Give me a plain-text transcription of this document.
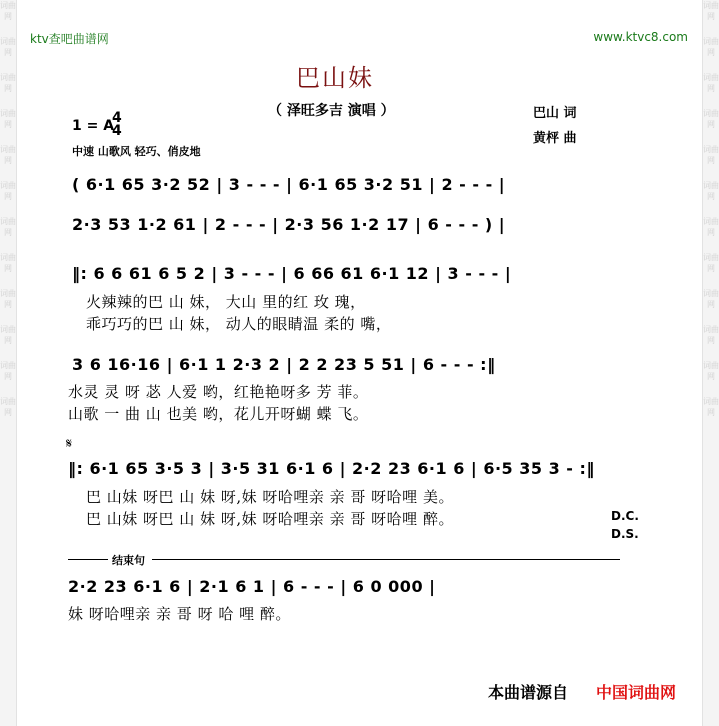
词曲网
词曲网
词曲网
词曲网
词曲网
词曲网
词曲网
词曲网
词曲网
词曲网
词曲网
词曲网
词曲网
词曲网
词曲网
词曲网
词曲网
词曲网
词曲网
词曲网
词曲网
词曲网
词曲网
词曲网
ktv查吧曲谱网	www.ktvc8.com
巴山妹
（ 泽旺多吉 演唱 ）	巴山 词
黄枰 曲
1 = A
4
4
中速 山歌风 轻巧、俏皮地
( 6·1 65 3·2 52 | 3 - - - | 6·1 65 3·2 51 | 2 - - - |
2·3 53 1·2 61 | 2 - - - | 2·3 56 1·2 17 | 6 - - - ) |
‖: 6 6 61 6 5 2 | 3 - - - | 6 66 61 6·1 12 | 3 - - - |
火辣辣的巴 山 妹， 大山 里的红 玫 瑰，
乖巧巧的巴 山 妹， 动人的眼睛温 柔的 嘴，
3 6 16·16 | 6·1 1 2·3 2 | 2 2 23 5 51 | 6 - - - :‖
水灵 灵 呀 苾 人爱 哟，红艳艳呀多 芳 菲。
山歌 一 曲 山 也美 哟，花儿开呀蝴 蝶 飞。
𝄋
‖: 6·1 65 3·5 3 | 3·5 31 6·1 6 | 2·2 23 6·1 6 | 6·5 35 3 - :‖
巴 山妹 呀巴 山 妹 呀,妹 呀哈哩亲 亲 哥 呀哈哩 美。
巴 山妹 呀巴 山 妹 呀,妹 呀哈哩亲 亲 哥 呀哈哩 醉。	D.C.
D.S.
结束句
2·2 23 6·1 6 | 2·1 6 1 | 6 - - - | 6 0 000 |
妹 呀哈哩亲 亲 哥 呀 哈 哩 醉。
本曲谱源自 中国词曲网
